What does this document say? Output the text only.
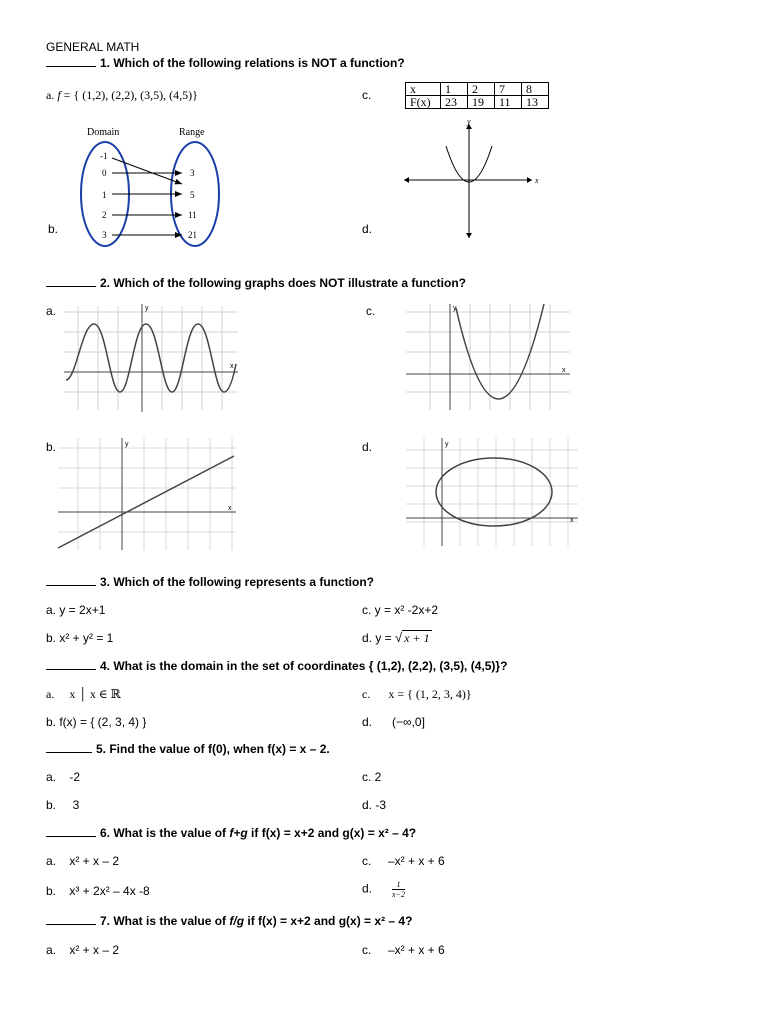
GENERAL MATH
1. Which of the following relations is NOT a function?
a. f = { (1,2), (2,2), (3,5), (4,5)}	c.	x	1	2	7	8
F(x)	23	19	11	13
Domain	Range
-1
0
1
2
3
3
5
11
21
b.
x
y
d.
2. Which of the following graphs does NOT illustrate a function?
a.	c.
b.	d.
x
y
x
y
x
y
x
y
3. Which of the following represents a function?
a. y = 2x+1	c. y = x² -2x+2
b. x² + y² = 1	d. y = √ x + 1
4. What is the domain in the set of coordinates { (1,2), (2,2), (3,5), (4,5)}?
a. x │ x ∈ ℝ	c. x = { (1, 2, 3, 4)}
b. f(x) = { (2, 3, 4) }	d. (−∞,0]
5. Find the value of f(0), when f(x) = x – 2.
a.    -2	c. 2
b.     3	d. -3
6. What is the value of f+g if f(x) = x+2 and g(x) = x² – 4?
a.    x² + x – 2	c.     –x² + x + 6
b.    x³ + 2x² – 4x -8	d.	$\frac{1}{x-2}$
7. What is the value of f/g if f(x) = x+2 and g(x) = x² – 4?
a.    x² + x – 2	c.     –x² + x + 6
